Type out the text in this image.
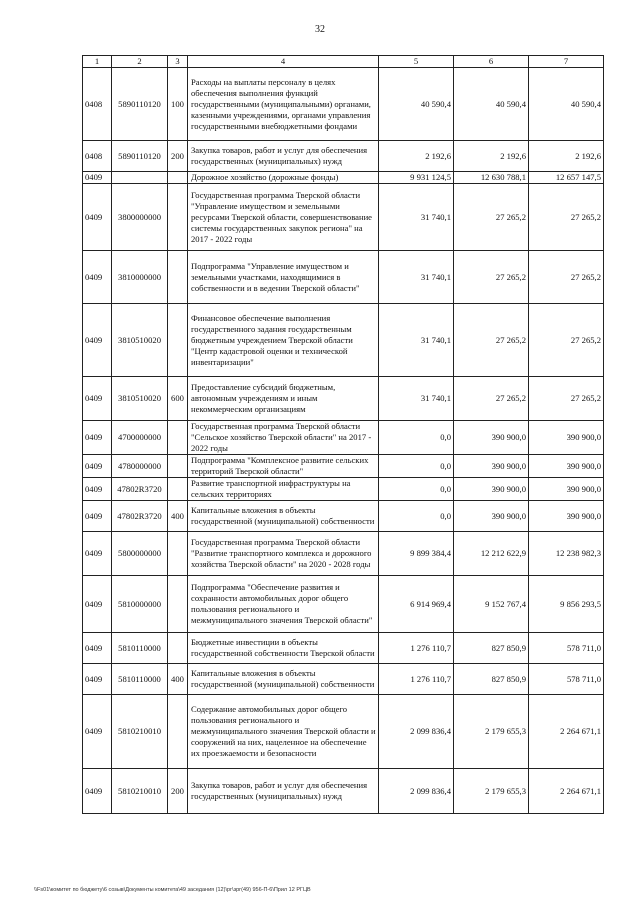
32
1	2	3	4	5	6	7
0408	5890110120	100	Расходы на выплаты персоналу в целях обеспечения выполнения функций государственными (муниципальными) органами, казенными учреждениями, органами управления государственными внебюджетными фондами	40 590,4	40 590,4	40 590,4
0408	5890110120	200	Закупка товаров, работ и услуг для обеспечения государственных (муниципальных) нужд	2 192,6	2 192,6	2 192,6
0409			Дорожное хозяйство (дорожные фонды)	9 931 124,5	12 630 788,1	12 657 147,5
0409	3800000000		Государственная программа Тверской области "Управление имуществом и земельными ресурсами Тверской области, совершенствование системы государственных закупок региона" на 2017 - 2022 годы	31 740,1	27 265,2	27 265,2
0409	3810000000		Подпрограмма "Управление имуществом и земельными участками, находящимися в собственности и в ведении Тверской области"	31 740,1	27 265,2	27 265,2
0409	3810510020		Финансовое обеспечение выполнения государственного задания государственным бюджетным учреждением Тверской области "Центр кадастровой оценки и технической инвентаризации"	31 740,1	27 265,2	27 265,2
0409	3810510020	600	Предоставление субсидий бюджетным, автономным учреждениям и иным некоммерческим организациям	31 740,1	27 265,2	27 265,2
0409	4700000000		Государственная программа Тверской области "Сельское хозяйство Тверской области" на 2017 - 2022 годы	0,0	390 900,0	390 900,0
0409	4780000000		Подпрограмма "Комплексное развитие сельских территорий Тверской области"	0,0	390 900,0	390 900,0
0409	47802R3720		Развитие транспортной инфраструктуры на сельских территориях	0,0	390 900,0	390 900,0
0409	47802R3720	400	Капитальные вложения в объекты государственной (муниципальной) собственности	0,0	390 900,0	390 900,0
0409	5800000000		Государственная программа Тверской области "Развитие транспортного комплекса и дорожного хозяйства Тверской области" на 2020 - 2028 годы	9 899 384,4	12 212 622,9	12 238 982,3
0409	5810000000		Подпрограмма "Обеспечение развития и сохранности автомобильных дорог общего пользования регионального и межмуниципального значения Тверской области"	6 914 969,4	9 152 767,4	9 856 293,5
0409	5810110000		Бюджетные инвестиции в объекты государственной собственности Тверской области	1 276 110,7	827 850,9	578 711,0
0409	5810110000	400	Капитальные вложения в объекты государственной (муниципальной) собственности	1 276 110,7	827 850,9	578 711,0
0409	5810210010		Содержание автомобильных дорог общего пользования регионального и межмуниципального значения Тверской области и сооружений на них, нацеленное на обеспечение их проезжаемости и безопасности	2 099 836,4	2 179 655,3	2 264 671,1
0409	5810210010	200	Закупка товаров, работ и услуг для обеспечения государственных (муниципальных) нужд	2 099 836,4	2 179 655,3	2 264 671,1
\\Fs01\комитет по бюджету\6 созыв\Документы комитета\49 заседания (12)\рг\зрг(49) 956-П-6\Прил 12 РГЦВ
